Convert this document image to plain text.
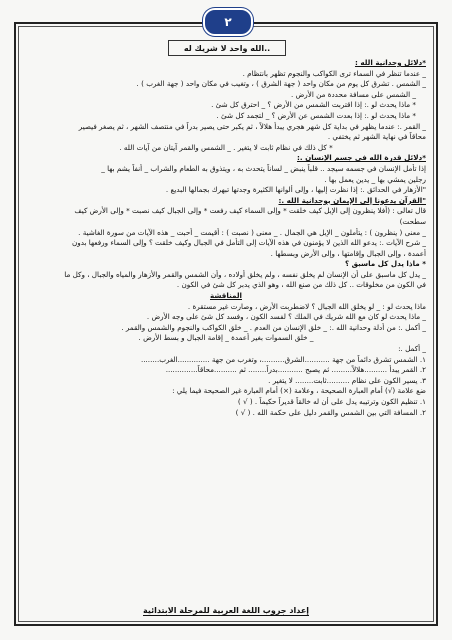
٢
..الله واحد لا شريك له
*دلائل وحدانية الله :
_ عندما تنظر في السماء ترى الكواكب والنجوم تظهر بانتظام .
_ الشمس . تشرق كل يوم من مكان واحد ( جهة الشرق ) ، وتغيب في مكان واحد ( جهة الغرب ) .
_ الشمس على مسافة محددة من الأرض .
* ماذا يحدث لو .: إذا اقتربت الشمس من الأرض ؟ _ احترق كل شئ .
* ماذا يحدث لو .: إذا بعدت الشمس عن الأرض ؟ _ لتجمد كل شئ .
_ القمر .: عندما يظهر في بداية كل شهر هجري يبدأ هلالاً ، ثم يكبر حتى يصير بدراً في منتصف الشهر ، ثم يصغر فيصير
محاقاً في نهاية الشهر ثم يختفي .
* كل ذلك في نظام ثابت لا يتغير . _ الشمس والقمر آيتان من آيات الله .
*دلائل قدرة الله في جسم الإنسان .:
إذا تأمل الإنسان في جسمه سيجد .. قلباً ينبض _ لساناً يتحدث به ، ويتذوق به الطعام والشراب _ أنفاً يشم بها _
رجلين يمشي بها _ يدين يعمل بها .
"الأزهار في الحدائق .: إذا نظرت إليها ، وإلى ألوانها الكثيرة وجدتها تبهرك بجمالها البديع .
"القرآن يدعونا إلى الإيمان بوحدانية الله .:
قال تعالى : (أفلا ينظرون إلى الإبل كيف خلقت * وإلى السماء كيف رفعت * وإلى الجبال كيف نصبت * وإلى الأرض كيف
سطحت)
_ معنى ( ينظرون ) : يتأملون _ الإبل هي الجمال . _ معنى ( نصبت ) : أقيمت _ أحبت _ هذه الآيات من سورة الغاشية .
_ شرح الآيات .: يدعو الله الذين لا يؤمنون في هذه الآيات إلى التأمل في الجبال وكيف خلقت ؟ وإلى السماء ورفعها بدون
أعمدة ، وإلى الجبال وإقامتها ، وإلى الأرض وبسطها .
* ماذا يدل كل ماسبق ؟
_ يدل كل ماسبق على أن الإنسان لم يخلق نفسه ، ولم يخلق أولاده ، وأن الشمس والقمر والأزهار والمياه والجبال ، وكل ما
في الكون من مخلوقات .. كل ذلك من صنع الله ، وهو الذي يدبر كل شئ في الكون .
المناقشة
ماذا يحدث لو : _ لو يخلق الله الجبال ؟ لاضطربت الأرض ، وصارت غير مستقرة .
_ ماذا يحدث لو كان مع الله شريك في الملك ؟ لفسد الكون ، وفسد كل شئ على وجه الأرض .
_ أكمل .: من أدلة وحدانية الله .: _ خلق الإنسان من العدم . _ خلق الكواكب والنجوم والشمس والقمر .
_ خلق السموات بغير أعمدة _ إقامة الجبال و بسط الأرض .
_ أكمل .:
١. الشمس تشرق دائماً من جهة ...........الشرق..........، وتغرب من جهة ..............الغرب........
٢. القمر يبدأ ..........هلالاً......... ثم يصبح ...........بدراً........ ثم ..........محاقاً..............
٣. يسير الكون على نظام ..........ثابت........ لا يتغير .
ضع علامة (√) أمام العبارة الصحيحة ، وعلامة (×) أمام العبارة غير الصحيحة فيما يلي :
١. تنظيم الكون وترتيبه يدل على أن له خالقاً قديراً حكيماً . ( √ )
٢. المسافة التي بين الشمس والقمر دليل على حكمة الله . ( √ )
إعداد جروب اللغة العربية للمرحلة الابتدائية
